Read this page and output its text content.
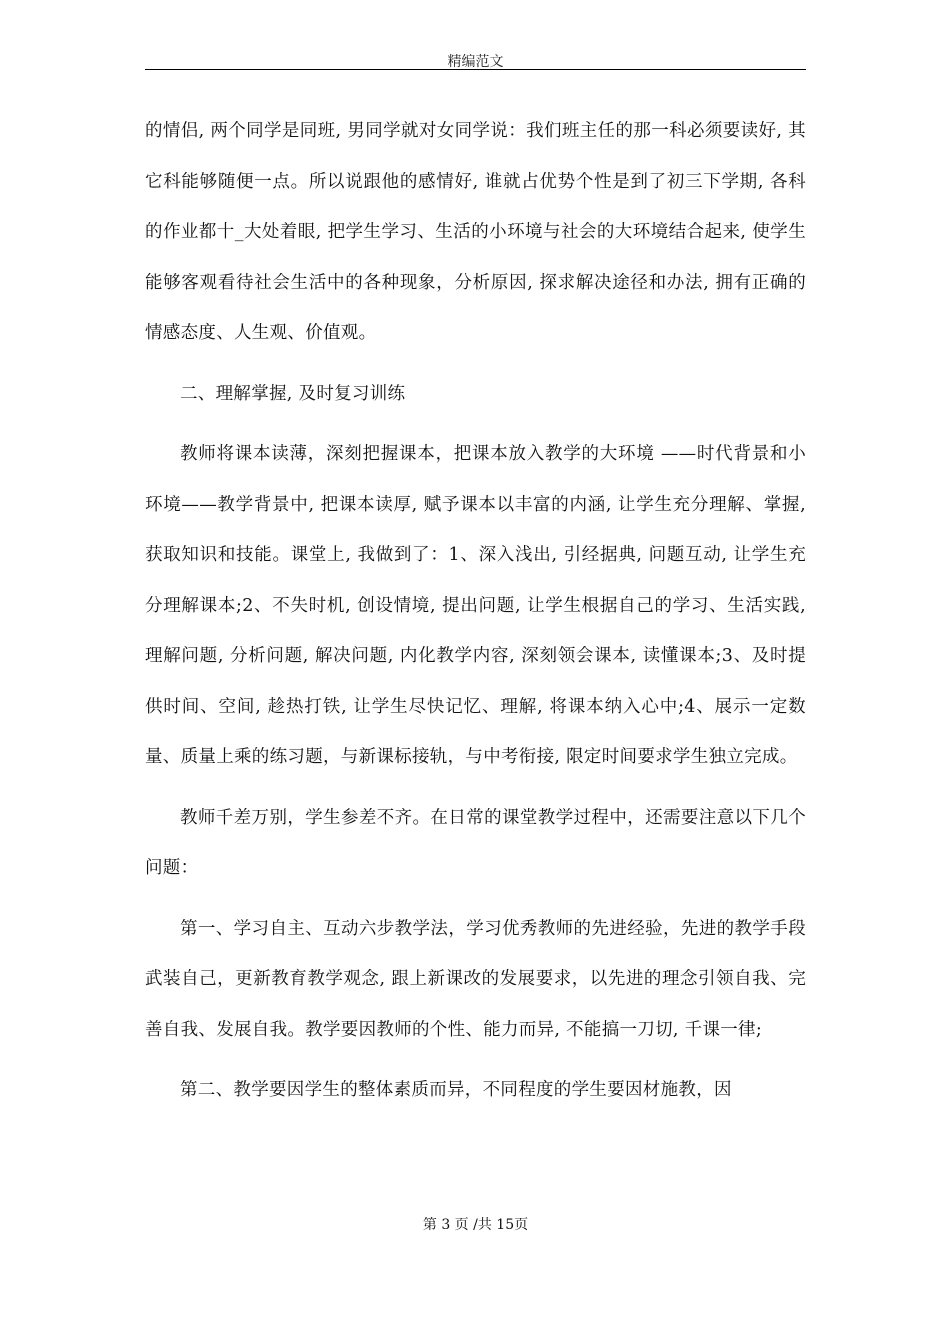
精编范文

的情侣, 两个同学是同班, 男同学就对女同学说：我们班主任的那一科必须要读好, 其它科能够随便一点。所以说跟他的感情好, 谁就占优势个性是到了初三下学期, 各科的作业都十_大处着眼, 把学生学习、生活的小环境与社会的大环境结合起来, 使学生能够客观看待社会生活中的各种现象，分析原因, 探求解决途径和办法, 拥有正确的情感态度、人生观、价值观。

二、理解掌握, 及时复习训练

教师将课本读薄，深刻把握课本，把课本放入教学的大环境 ——时代背景和小环境——教学背景中, 把课本读厚, 赋予课本以丰富的内涵, 让学生充分理解、掌握, 获取知识和技能。课堂上, 我做到了：1、深入浅出, 引经据典, 问题互动, 让学生充分理解课本;2、不失时机, 创设情境, 提出问题, 让学生根据自己的学习、生活实践, 理解问题, 分析问题, 解决问题, 内化教学内容, 深刻领会课本, 读懂课本;3、及时提供时间、空间, 趁热打铁, 让学生尽快记忆、理解, 将课本纳入心中;4、展示一定数量、质量上乘的练习题，与新课标接轨，与中考衔接, 限定时间要求学生独立完成。

教师千差万别，学生参差不齐。在日常的课堂教学过程中，还需要注意以下几个问题：

第一、学习自主、互动六步教学法，学习优秀教师的先进经验，先进的教学手段武装自己，更新教育教学观念, 跟上新课改的发展要求，以先进的理念引领自我、完善自我、发展自我。教学要因教师的个性、能力而异, 不能搞一刀切, 千课一律;

第二、教学要因学生的整体素质而异，不同程度的学生要因材施教，因

第 3 页 /共 15页
